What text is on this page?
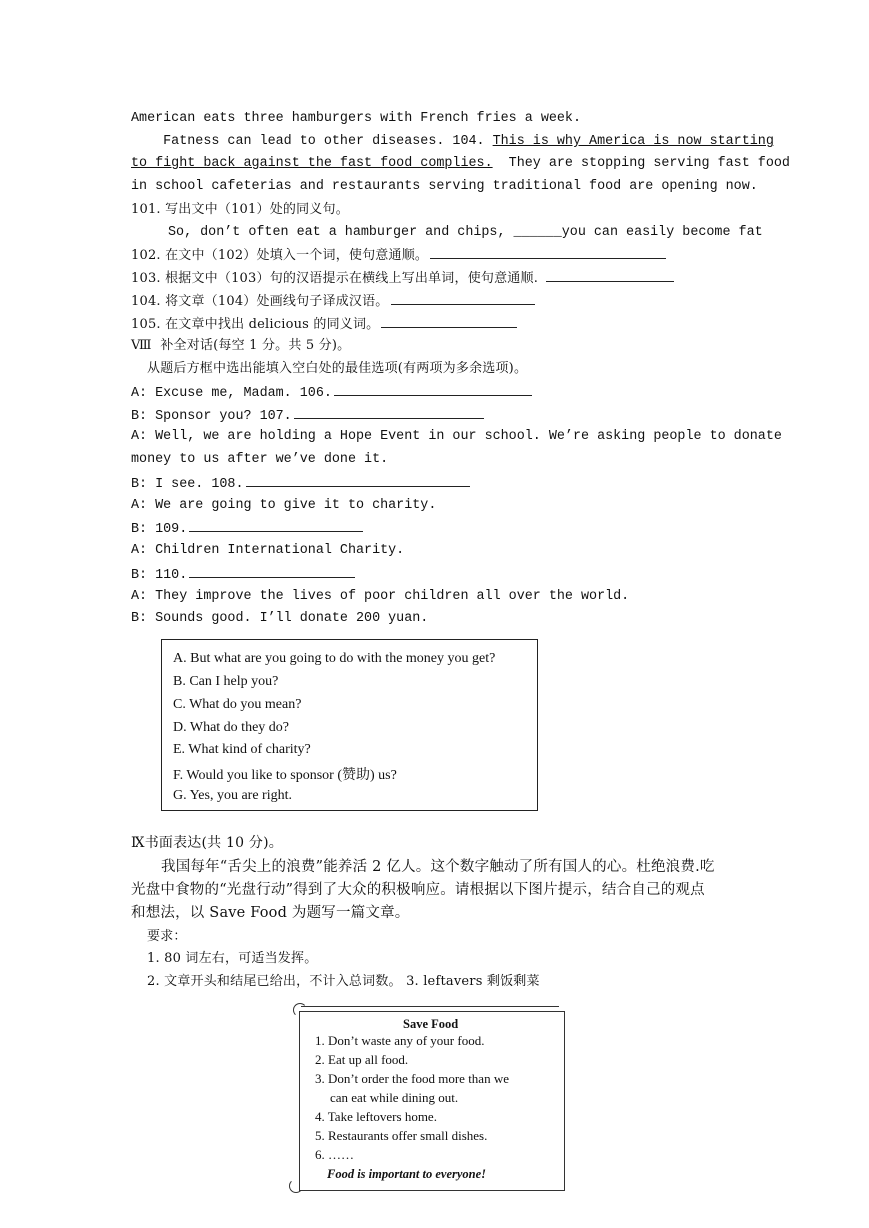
American eats three hamburgers with French fries a week.
Fatness can lead to other diseases. 104. This is why America is now starting
to fight back against the fast food complies.  They are stopping serving fast food
in school cafeterias and restaurants serving traditional food are opening now.
101. 写出文中（101）处的同义句。
So, don’t often eat a hamburger and chips, ______you can easily become fat
102. 在文中（102）处填入一个词，使句意通顺。
103. 根据文中（103）句的汉语提示在横线上写出单词，使句意通顺.
104. 将文章（104）处画线句子译成汉语。
105. 在文章中找出 delicious 的同义词。
Ⅷ  补全对话(每空 1 分。共 5 分)。
从题后方框中选出能填入空白处的最佳选项(有两项为多余选项)。
A: Excuse me, Madam. 106.
B: Sponsor you? 107.
A: Well, we are holding a Hope Event in our school. We’re asking people to donate
money to us after we’ve done it.
B: I see. 108.
A: We are going to give it to charity.
B: 109.
A: Children International Charity.
B: 110.
A: They improve the lives of poor children all over the world.
B: Sounds good. I’ll donate 200 yuan.
A. But what are you going to do with the money you get?
B. Can I help you?
C. What do you mean?
D. What do they do?
E. What kind of charity?
F. Would you like to sponsor (赞助) us?
G. Yes, you are right.
Ⅸ书面表达(共 10 分)。
我国每年“舌尖上的浪费”能养活 2 亿人。这个数字触动了所有国人的心。杜绝浪费.吃
光盘中食物的“光盘行动”得到了大众的积极响应。请根据以下图片提示，结合自己的观点
和想法，以 Save Food 为题写一篇文章。
要求：
1. 80 词左右，可适当发挥。
2. 文章开头和结尾已给出，不计入总词数。 3. leftavers 剩饭剩菜
Save Food
1. Don’t waste any of your food.
2. Eat up all food.
3. Don’t order the food more than we
can eat while dining out.
4. Take leftovers home.
5. Restaurants offer small dishes.
6. ……
Food is important to everyone!
